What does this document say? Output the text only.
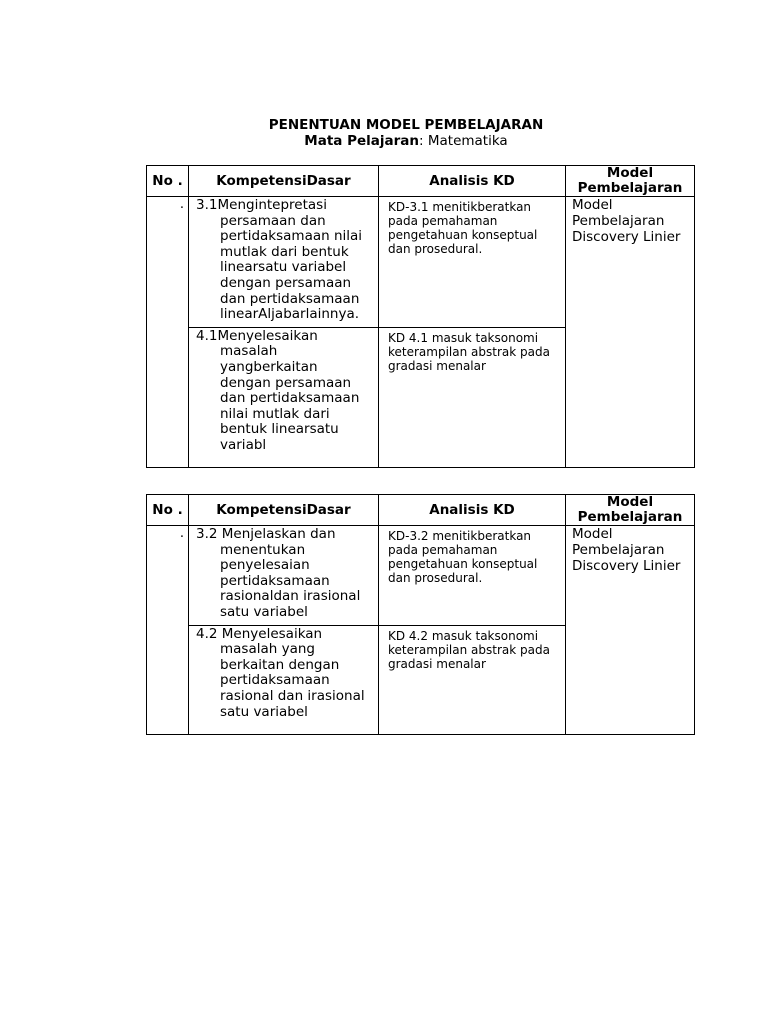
PENENTUAN MODEL PEMBELAJARAN
Mata Pelajaran: Matematika
No .	KompetensiDasar	Analisis KD	Model Pembelajaran
.	3.1Mengintepretasi
persamaan dan pertidaksamaan nilai mutlak dari bentuk linearsatu variabel dengan persamaan dan pertidaksamaan linearAljabarlainnya.	KD-3.1 menitikberatkan pada pemahaman pengetahuan konseptual dan prosedural.	Model Pembelajaran Discovery Linier
	4.1Menyelesaikan
masalah yangberkaitan dengan persamaan dan pertidaksamaan nilai mutlak dari bentuk linearsatu variabl	KD 4.1 masuk taksonomi keterampilan abstrak pada gradasi menalar	
No .	KompetensiDasar	Analisis KD	Model Pembelajaran
.	3.2 Menjelaskan dan
menentukan penyelesaian pertidaksamaan rasionaldan irasional satu variabel	KD-3.2 menitikberatkan pada pemahaman pengetahuan konseptual dan prosedural.	Model Pembelajaran Discovery Linier
	4.2 Menyelesaikan
masalah yang berkaitan dengan pertidaksamaan rasional dan irasional satu variabel	KD 4.2 masuk taksonomi keterampilan abstrak pada gradasi menalar	
